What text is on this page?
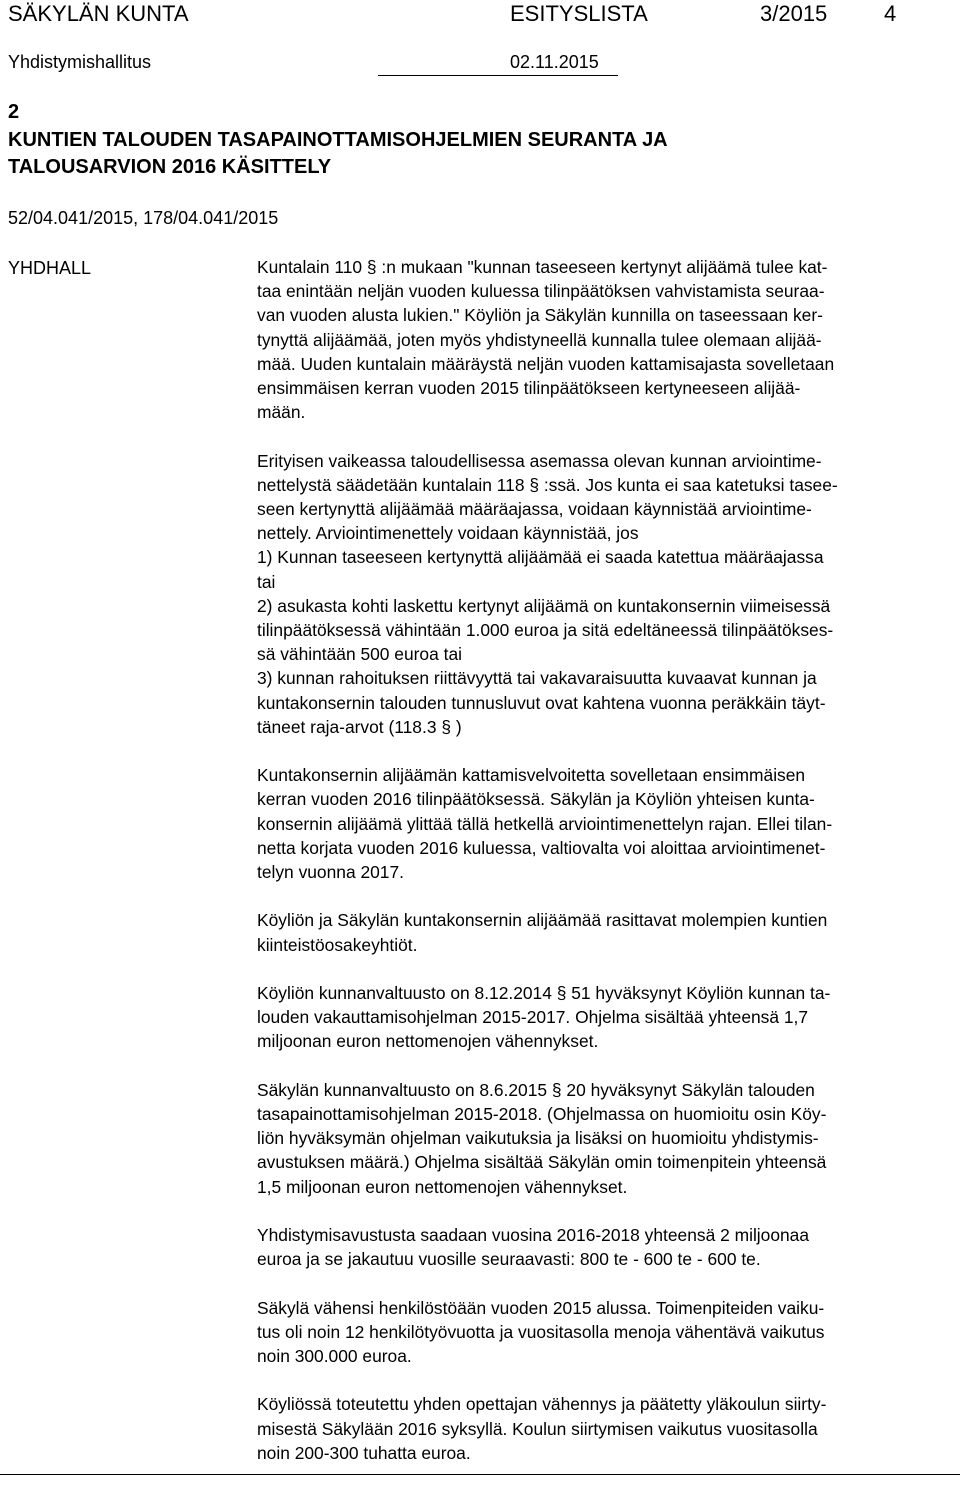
SÄKYLÄN KUNTA	ESITYSLISTA	3/2015	4
Yhdistymishallitus	02.11.2015
2
KUNTIEN TALOUDEN TASAPAINOTTAMISOHJELMIEN SEURANTA JA
TALOUSARVION 2016 KÄSITTELY
52/04.041/2015, 178/04.041/2015
YHDHALL	Kuntalain 110 § :n mukaan "kunnan taseeseen kertynyt alijäämä tulee kat-
taa enintään neljän vuoden kuluessa tilinpäätöksen vahvistamista seuraa-
van vuoden alusta lukien." Köyliön ja Säkylän kunnilla on taseessaan ker-
tynyttä alijäämää, joten myös yhdistyneellä kunnalla tulee olemaan alijää-
mää. Uuden kuntalain määräystä neljän vuoden kattamisajasta sovelletaan
ensimmäisen kerran vuoden 2015 tilinpäätökseen kertyneeseen alijää-
mään.

Erityisen vaikeassa taloudellisessa asemassa olevan kunnan arviointime-
nettelystä säädetään kuntalain 118 § :ssä. Jos kunta ei saa katetuksi tasee-
seen kertynyttä alijäämää määräajassa, voidaan käynnistää arviointime-
nettely. Arviointimenettely voidaan käynnistää, jos
1) Kunnan taseeseen kertynyttä alijäämää ei saada katettua määräajassa
tai
2) asukasta kohti laskettu kertynyt alijäämä on kuntakonsernin viimeisessä
tilinpäätöksessä vähintään 1.000 euroa ja sitä edeltäneessä tilinpäätökses-
sä vähintään 500 euroa tai
3) kunnan rahoituksen riittävyyttä tai vakavaraisuutta kuvaavat kunnan ja
kuntakonsernin talouden tunnusluvut ovat kahtena vuonna peräkkäin täyt-
täneet raja-arvot (118.3 § )

Kuntakonsernin alijäämän kattamisvelvoitetta sovelletaan ensimmäisen
kerran vuoden 2016 tilinpäätöksessä. Säkylän ja Köyliön yhteisen kunta-
konsernin alijäämä ylittää tällä hetkellä arviointimenettelyn rajan. Ellei tilan-
netta korjata vuoden 2016 kuluessa, valtiovalta voi aloittaa arviointimenet-
telyn vuonna 2017.

Köyliön ja Säkylän kuntakonsernin alijäämää rasittavat molempien kuntien
kiinteistöosakeyhtiöt.

Köyliön kunnanvaltuusto on 8.12.2014 § 51 hyväksynyt Köyliön kunnan ta-
louden vakauttamisohjelman 2015-2017. Ohjelma sisältää yhteensä 1,7
miljoonan euron nettomenojen vähennykset.

Säkylän kunnanvaltuusto on 8.6.2015 § 20 hyväksynyt Säkylän talouden
tasapainottamisohjelman 2015-2018. (Ohjelmassa on huomioitu osin Köy-
liön hyväksymän ohjelman vaikutuksia ja lisäksi on huomioitu yhdistymis-
avustuksen määrä.) Ohjelma sisältää Säkylän omin toimenpitein yhteensä
1,5 miljoonan euron nettomenojen vähennykset.

Yhdistymisavustusta saadaan vuosina 2016-2018 yhteensä 2 miljoonaa
euroa ja se jakautuu vuosille seuraavasti: 800 te - 600 te - 600 te.

Säkylä vähensi henkilöstöään vuoden 2015 alussa. Toimenpiteiden vaiku-
tus oli noin 12 henkilötyövuotta ja vuositasolla menoja vähentävä vaikutus
noin 300.000 euroa.

Köyliössä toteutettu yhden opettajan vähennys ja päätetty yläkoulun siirty-
misestä Säkylään 2016 syksyllä. Koulun siirtymisen vaikutus vuositasolla
noin 200-300 tuhatta euroa.
